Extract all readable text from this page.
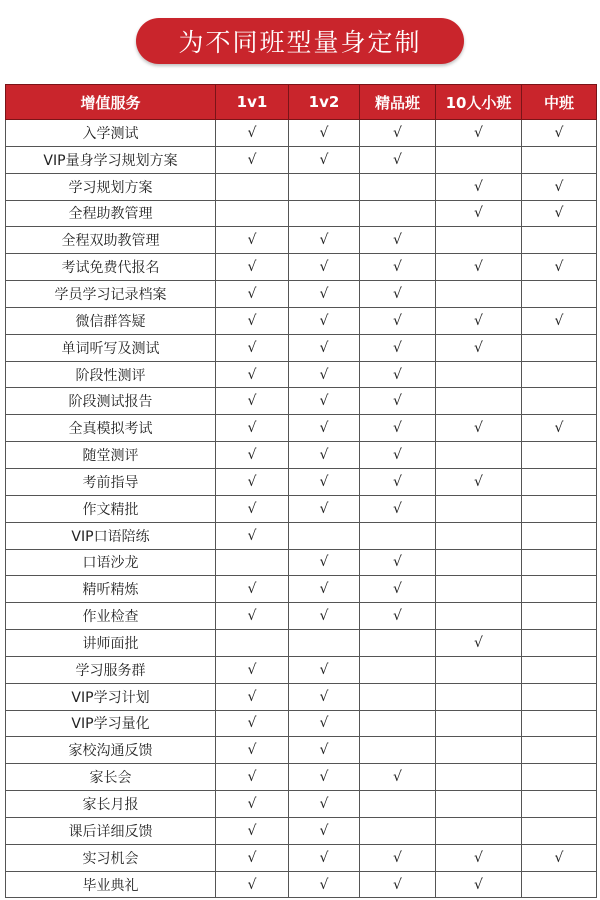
为不同班型量身定制
增值服务	1v1	1v2	精品班	10人小班	中班
入学测试	√	√	√	√	√
VIP量身学习规划方案	√	√	√		
学习规划方案				√	√
全程助教管理				√	√
全程双助教管理	√	√	√		
考试免费代报名	√	√	√	√	√
学员学习记录档案	√	√	√		
微信群答疑	√	√	√	√	√
单词听写及测试	√	√	√	√	
阶段性测评	√	√	√		
阶段测试报告	√	√	√		
全真模拟考试	√	√	√	√	√
随堂测评	√	√	√		
考前指导	√	√	√	√	
作文精批	√	√	√		
VIP口语陪练	√				
口语沙龙		√	√		
精听精炼	√	√	√		
作业检查	√	√	√		
讲师面批				√	
学习服务群	√	√			
VIP学习计划	√	√			
VIP学习量化	√	√			
家校沟通反馈	√	√			
家长会	√	√	√		
家长月报	√	√			
课后详细反馈	√	√			
实习机会	√	√	√	√	√
毕业典礼	√	√	√	√	
